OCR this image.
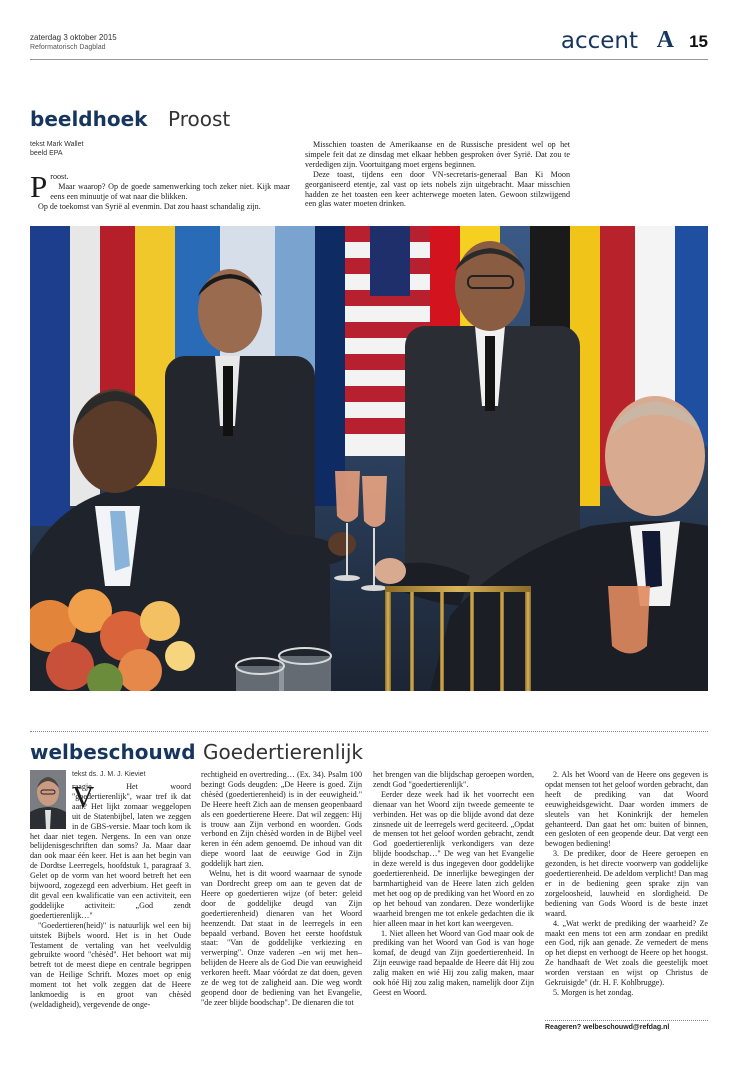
zaterdag 3 oktober 2015
Reformatorisch Dagblad	accent A 15
beeldhoek Proost
tekst Mark Wallet
beeld EPA
P roost.

Maar waarop? Op de goede samenwerking toch zeker niet. Kijk maar eens een minuutje of wat naar die blikken.

Op de toekomst van Syrië al evenmin. Dat zou haast schandalig zijn.

Misschien toasten de Amerikaanse en de Russische president wel op het simpele feit dat ze dinsdag met elkaar hebben gesproken óver Syrië. Dat zou te verdedigen zijn. Voortuitgang moet ergens beginnen.

Deze toast, tijdens een door VN-secretaris-generaal Ban Ki Moon georganiseerd etentje, zal vast op iets nobels zijn uitgebracht. Maar misschien hadden ze het toasten een keer achterwege moeten laten. Gewoon stilzwijgend een glas water moeten drinken.

welbeschouwd Goedertierenlijk
tekst ds. J. M. J. Kieviet
V

raagje. Het woord "goedertierenlijk", waar tref ik dat aan? Het lijkt zomaar weggelopen uit de Statenbijbel, laten we zeggen in de GBS-versie. Maar toch kom ik het daar niet tegen. Nergens. In een van onze belijdenisgeschriften dan soms? Ja. Maar daar dan ook maar één keer. Het is aan het begin van de Dordtse Leerregels, hoofdstuk 1, paragraaf 3. Gelet op de vorm van het woord betreft het een bijwoord, zogezegd een adverbium. Het geeft in dit geval een kwalificatie van een activiteit, een goddelijke activiteit: „God zendt goedertierenlijk…"

"Goedertieren(heid)" is natuurlijk wel een bij uitstek Bijbels woord. Het is in het Oude Testament de vertaling van het veelvuldig gebruikte woord "chèsèd". Het behoort wat mij betreft tot de meest diepe en centrale begrippen van de Heilige Schrift. Mozes moet op enig moment tot het volk zeggen dat de Heere lankmoedig is en groot van chèsèd (weldadigheid), vergevende de onge-

rechtigheid en overtreding… (Ex. 34). Psalm 100 bezingt Gods deugden: „De Heere is goed. Zijn chèsèd (goedertierenheid) is in der eeuwigheid." De Heere heeft Zich aan de mensen geopenbaard als een goedertierene Heere. Dat wil zeggen: Hij is trouw aan Zijn verbond en woorden. Gods verbond en Zijn chèsèd worden in de Bijbel veel keren in één adem genoemd. De inhoud van dit diepe woord laat de eeuwige God in Zijn goddelijk hart zien.

Welnu, het is dit woord waarnaar de synode van Dordrecht greep om aan te geven dat de Heere op goedertieren wijze (of beter: geleid door de goddelijke deugd van Zijn goedertierenheid) dienaren van het Woord heenzendt. Dat staat in de leerregels in een bepaald verband. Boven het eerste hoofdstuk staat: "Van de goddelijke verkiezing en verwerping". Onze vaderen –en wij met hen– belijden de Heere als de God Die van eeuwigheid verkoren heeft. Maar vóórdat ze dat doen, geven ze de weg tot de zaligheid aan. Die weg wordt geopend door de bediening van het Evangelie, "de zeer blijde boodschap". De dienaren die tot

het brengen van die blijdschap geroepen worden, zendt God "goedertierenlijk".

Eerder deze week had ik het voorrecht een dienaar van het Woord zijn tweede gemeente te verbinden. Het was op die blijde avond dat deze zinsnede uit de leerregels werd geciteerd. „Opdat de mensen tot het geloof worden gebracht, zendt God goedertierenlijk verkondigers van deze blijde boodschap…" De weg van het Evangelie in deze wereld is dus ingegeven door goddelijke goedertierenheid. De innerlijke bewegingen der barmhartigheid van de Heere laten zich gelden met het oog op de prediking van het Woord en zo op het behoud van zondaren. Deze wonderlijke waarheid brengen me tot enkele gedachten die ik hier alleen maar in het kort kan weergeven.

1. Niet alleen het Woord van God maar ook de prediking van het Woord van God is van hoge komaf, de deugd van Zijn goedertierenheid. In Zijn eeuwige raad bepaalde de Heere dát Hij zou zalig maken en wié Hij zou zalig maken, maar ook hóé Hij zou zalig maken, namelijk door Zijn Geest en Woord.

2. Als het Woord van de Heere ons gegeven is opdat mensen tot het geloof worden gebracht, dan heeft de prediking van dat Woord eeuwigheidsgewicht. Daar worden immers de sleutels van het Koninkrijk der hemelen gehanteerd. Dan gaat het om: buiten of binnen, een gesloten of een geopende deur. Dat vergt een bewogen bediening!

3. De prediker, door de Heere geroepen en gezonden, is het directe voorwerp van goddelijke goedertierenheid. De adeldom verplicht! Dan mag er in de bediening geen sprake zijn van zorgeloosheid, lauwheid en slordigheid. De bediening van Gods Woord is de beste inzet waard.

4. „Wat werkt de prediking der waarheid? Ze maakt een mens tot een arm zondaar en predikt een God, rijk aan genade. Ze vernedert de mens op het diepst en verhoogt de Heere op het hoogst. Ze handhaaft de Wet zoals die geestelijk moet worden verstaan en wijst op Christus de Gekruisigde" (dr. H. F. Kohlbrugge).

5. Morgen is het zondag.

Reageren? welbeschouwd@refdag.nl
